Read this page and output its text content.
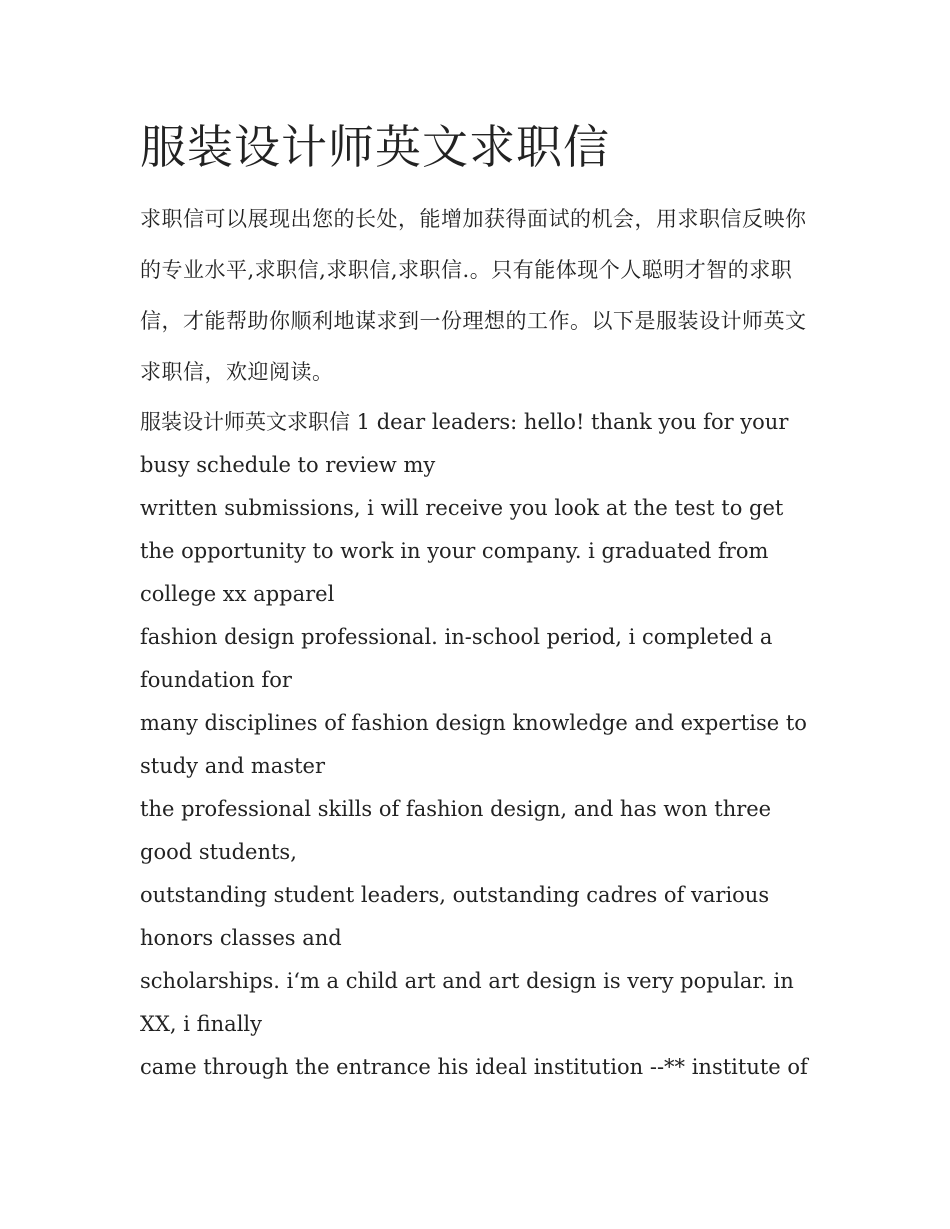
服装设计师英文求职信

求职信可以展现出您的长处，能增加获得面试的机会，用求职信反映你的专业水平,求职信,求职信,求职信.。只有能体现个人聪明才智的求职信，才能帮助你顺利地谋求到一份理想的工作。以下是服装设计师英文求职信，欢迎阅读。

服装设计师英文求职信 1 dear leaders: hello! thank you for your busy schedule to review my

written submissions, i will receive you look at the test to get the opportunity to work in your company. i graduated from college xx apparel

fashion design professional. in-school period, i completed a foundation for

many disciplines of fashion design knowledge and expertise to study and master

the professional skills of fashion design, and has won three good students,

outstanding student leaders, outstanding cadres of various honors classes and

scholarships. i‘m a child art and art design is very popular. in XX, i finally

came through the entrance his ideal institution --** institute of
